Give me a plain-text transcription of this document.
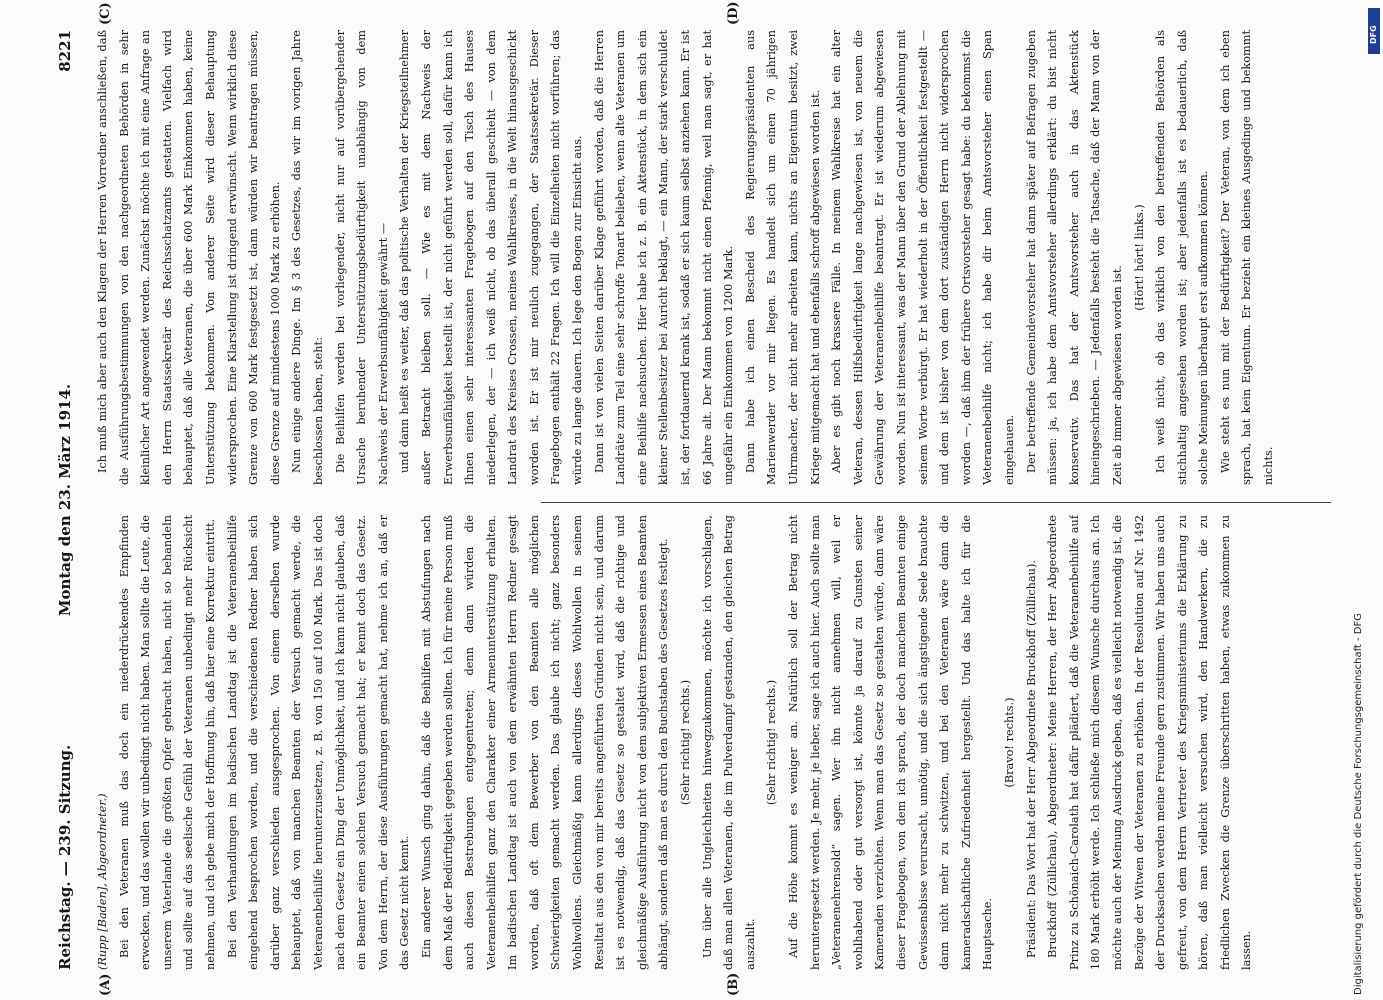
Reichstag. — 239. Sitzung.
Montag den 23. März 1914.
8221
(A)	(B)
(C)	(D)

(Rupp [Baden], Abgeordneter.) Bei den Veteranen muß das doch ein niederdrückendes Empfinden erwecken, und das wollen wir unbedingt nicht haben. Man sollte die Leute, die unserem Vaterlande die größten Opfer gebracht haben, nicht so behandeln und sollte auf das seelische Gefühl der Veteranen unbedingt mehr Rücksicht nehmen, und ich gebe mich der Hoffnung hin, daß hier eine Korrektur eintritt. Bei den Verhandlungen im badischen Landtag ist die Veteranenbeihilfe eingehend besprochen worden, und die verschiedenen Redner haben sich darüber ganz verschieden ausgesprochen. Von einem derselben wurde behauptet, daß von manchen Beamten der Versuch gemacht werde, die Veteranenbeihilfe herunterzusetzen, z. B. von 150 auf 100 Mark. Das ist doch nach dem Gesetz ein Ding der Unmöglichkeit, und ich kann nicht glauben, daß ein Beamter einen solchen Versuch gemacht hat; er kennt doch das Gesetz. Von dem Herrn, der diese Ausführungen gemacht hat, nehme ich an, daß er das Gesetz nicht kennt. Ein anderer Wunsch ging dahin, daß die Beihilfen mit Abstufungen nach dem Maß der Bedürftigkeit gegeben werden sollten. Ich für meine Person muß auch diesen Bestrebungen entgegentreten; denn dann würden die Veteranenbeihilfen ganz den Charakter einer Armenunterstützung erhalten. Im badischen Landtag ist auch von dem erwähnten Herrn Redner gesagt worden, daß oft dem Bewerber von den Beamten alle möglichen Schwierigkeiten gemacht werden. Das glaube ich nicht; ganz besonders Wohlwollens. Gleichmäßig kann allerdings dieses Wohlwollen in seinem Resultat aus den von mir bereits angeführten Gründen nicht sein, und darum ist es notwendig, daß das Gesetz so gestaltet wird, daß die richtige und gleichmäßige Ausführung nicht von dem subjektiven Ermessen eines Beamten abhängt, sondern daß man es durch den Buchstaben des Gesetzes festlegt. (Sehr richtig! rechts.) Um über alle Ungleichheiten hinwegzukommen, möchte ich vorschlagen, daß man allen Veteranen, die im Pulverdampf gestanden, den gleichen Betrag auszahlt.

(Sehr richtig! rechts.) Auf die Höhe kommt es weniger an. Natürlich soll der Betrag nicht heruntergesetzt werden. Je mehr, je lieber, sage ich auch hier. Auch sollte man „Veteranenehrensold“ sagen. Wer ihn nicht annehmen will, weil er wohlhabend oder gut versorgt ist, könnte ja darauf zu Gunsten seiner Kameraden verzichten. Wenn man das Gesetz so gestalten würde, dann wäre dieser Fragebogen, von dem ich sprach, der doch manchem Beamten einige Gewissensbisse verursacht, unnötig, und die sich ängstigende Seele brauchte dann nicht mehr zu schwitzen, und bei den Veteranen wäre dann die kameradschaftliche Zufriedenheit hergestellt. Und das halte ich für die Hauptsache.

(Bravo! rechts.) Präsident: Das Wort hat der Herr Abgeordnete Bruckhoff (Züllichau). Bruckhoff (Züllichau), Abgeordneter: Meine Herren, der Herr Abgeordnete Prinz zu Schönaich-Carolath hat dafür plädiert, daß die Veteranenbeihilfe auf 180 Mark erhöht werde. Ich schließe mich diesem Wunsche durchaus an. Ich möchte auch der Meinung Ausdruck geben, daß es vielleicht notwendig ist, die Bezüge der Witwen der Veteranen zu erhöhen. In der Resolution auf Nr. 1492 der Drucksachen werden meine Freunde gern zustimmen. Wir haben uns auch gefreut, von dem Herrn Vertreter des Kriegsministeriums die Erklärung zu hören, daß man vielleicht versuchen wird, den Handwerkern, die zu friedlichen Zwecken die Grenze überschritten haben, etwas zukommen zu lassen.

Ich muß mich aber auch den Klagen der Herren Vorredner anschließen, daß die Ausführungsbestimmungen von den nachgeordneten Behörden in sehr kleinlicher Art angewendet werden. Zunächst möchte ich mit eine Anfrage an den Herrn Staatssekretär des Reichsschatzamts gestatten. Vielfach wird behauptet, daß alle Veteranen, die über 600 Mark Einkommen haben, keine Unterstützung bekommen. Von anderer Seite wird dieser Behauptung widersprochen. Eine Klarstellung ist dringend erwünscht. Wenn wirklich diese Grenze von 600 Mark festgesetzt ist, dann würden wir beantragen müssen, diese Grenze auf mindestens 1000 Mark zu erhöhen. Nun einige andere Dinge. Im § 3 des Gesetzes, das wir im vorigen Jahre beschlossen haben, steht: Die Beihilfen werden bei vorliegender, nicht nur auf vorübergehender Ursache beruhender Unterstützungsbedürftigkeit unabhängig von dem Nachweis der Erwerbsunfähigkeit gewährt — und dann heißt es weiter, daß das politische Verhalten der Kriegsteilnehmer außer Betracht bleiben soll. — Wie es mit dem Nachweis der Erwerbsunfähigkeit bestellt ist, der nicht geführt werden soll, dafür kann ich Ihnen einen sehr interessanten Fragebogen auf den Tisch des Hauses niederlegen, der — ich weiß nicht, ob das überall geschieht — von dem Landrat des Kreises Crossen, meines Wahlkreises, in die Welt hinausgeschickt worden ist. Er ist mir neulich zugegangen, der Staatssekretär. Dieser Fragebogen enthält 22 Fragen. Ich will die Einzelheiten nicht vorführen; das würde zu lange dauern. Ich lege den Bogen zur Einsicht aus. Dann ist von vielen Seiten darüber Klage geführt worden, daß die Herren Landräte zum Teil eine sehr schroffe Tonart belieben, wenn alte Veteranen um eine Beihilfe nachsuchen. Hier habe ich z. B. ein Aktenstück, in dem sich ein kleiner Stellenbesitzer bei Auricht beklagt, — ein Mann, der stark verschuldet ist, der fortdauernd krank ist, sodaß er sich kaum selbst anziehen kann. Er ist 66 Jahre alt. Der Mann bekommt nicht einen Pfennig, weil man sagt, er hat ungefähr ein Einkommen von 1200 Mark. Dann habe ich einen Bescheid des Regierungspräsidenten aus Marienwerder vor mir liegen. Es handelt sich um einen 70 jährigen Uhrmacher, der nicht mehr arbeiten kann, nichts an Eigentum besitzt, zwei Kriege mitgemacht hat und ebenfalls schroff abgewiesen worden ist. Aber es gibt noch krassere Fälle. In meinem Wahlkreise hat ein alter Veteran, dessen Hilfsbedürftigkeit lange nachgewiesen ist, von neuem die Gewährung der Veteranenbeihilfe beantragt. Er ist wiederum abgewiesen worden. Nun ist interessant, was der Mann über den Grund der Ablehnung mit seinem Worte verbürgt. Er hat wiederholt in der Öffentlichkeit festgestellt — und dem ist bisher von dem dort zuständigen Herrn nicht widersprochen worden —, daß ihm der frühere Ortsvorsteher gesagt habe: du bekommst die Veteranenbeihilfe nicht; ich habe dir beim Amtsvorsteher einen Span eingehauen. Der betreffende Gemeindevorsteher hat dann später auf Befragen zugeben müssen: ja, ich habe dem Amtsvorsteher allerdings erklärt: du bist nicht konservativ. Das hat der Amtsvorsteher auch in das Aktenstück hineingeschrieben. — Jedenfalls besteht die Tatsache, daß der Mann von der Zeit ab immer abgewiesen worden ist.

(Hört! hört! links.) Ich weiß nicht, ob das wirklich von den betreffenden Behörden als stichhaltig angesehen worden ist; aber jedenfalls ist es bedauerlich, daß solche Meinungen überhaupt erst aufkommen können. Wie steht es nun mit der Bedürftigkeit? Der Veteran, von dem ich eben sprach, hat kein Eigentum. Er bezieht ein kleines Ausgedinge und bekommt nichts.

Digitalisierung gefördert durch die Deutsche Forschungsgemeinschaft - DFG
DFG
